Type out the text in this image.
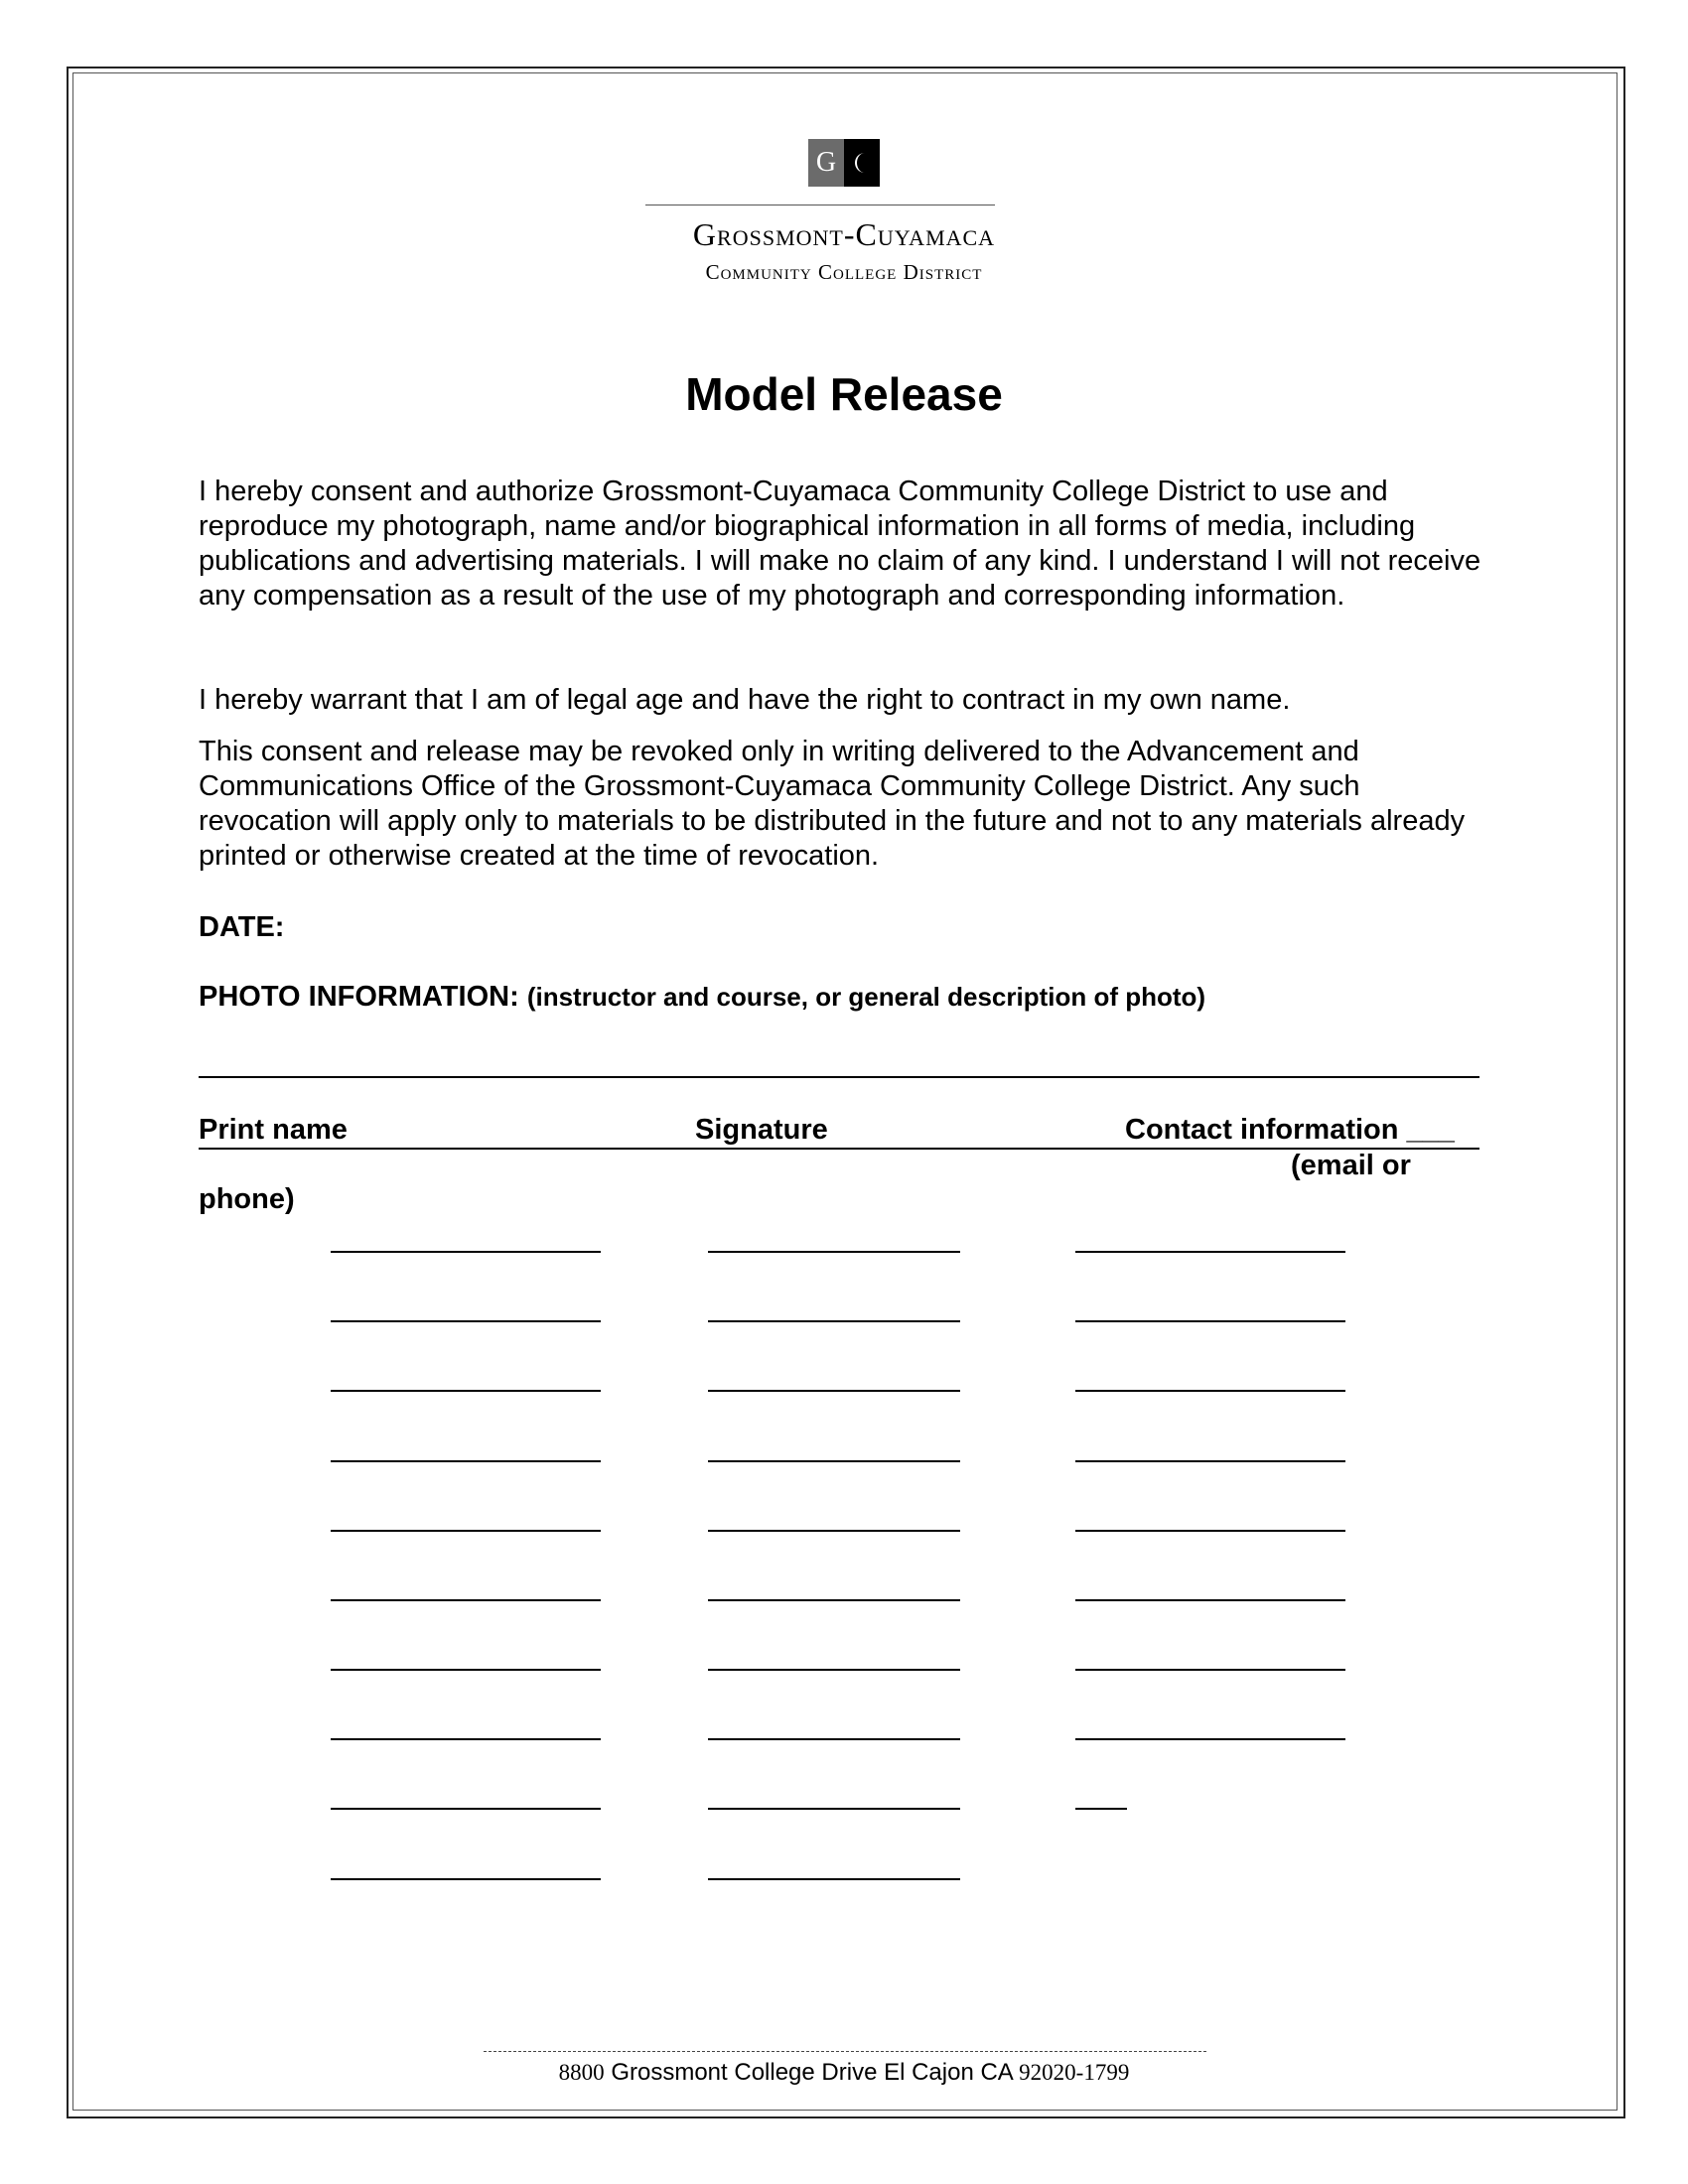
G
Grossmont-Cuyamaca
Community College District
Model Release

I hereby consent and authorize Grossmont-Cuyamaca Community College District to use and reproduce my photograph, name and/or biographical information in all forms of media, including publications and advertising materials. I will make no claim of any kind. I understand I will not receive any compensation as a result of the use of my photograph and corresponding information.

I hereby warrant that I am of legal age and have the right to contract in my own name.

This consent and release may be revoked only in writing delivered to the Advancement and Communications Office of the Grossmont-Cuyamaca Community College District. Any such revocation will apply only to materials to be distributed in the future and not to any materials already printed or otherwise created at the time of revocation.

DATE:
PHOTO INFORMATION: (instructor and course, or general description of photo)
Print name	Signature	Contact information ___
(email or
phone)
8800 Grossmont College Drive El Cajon CA 92020-1799
